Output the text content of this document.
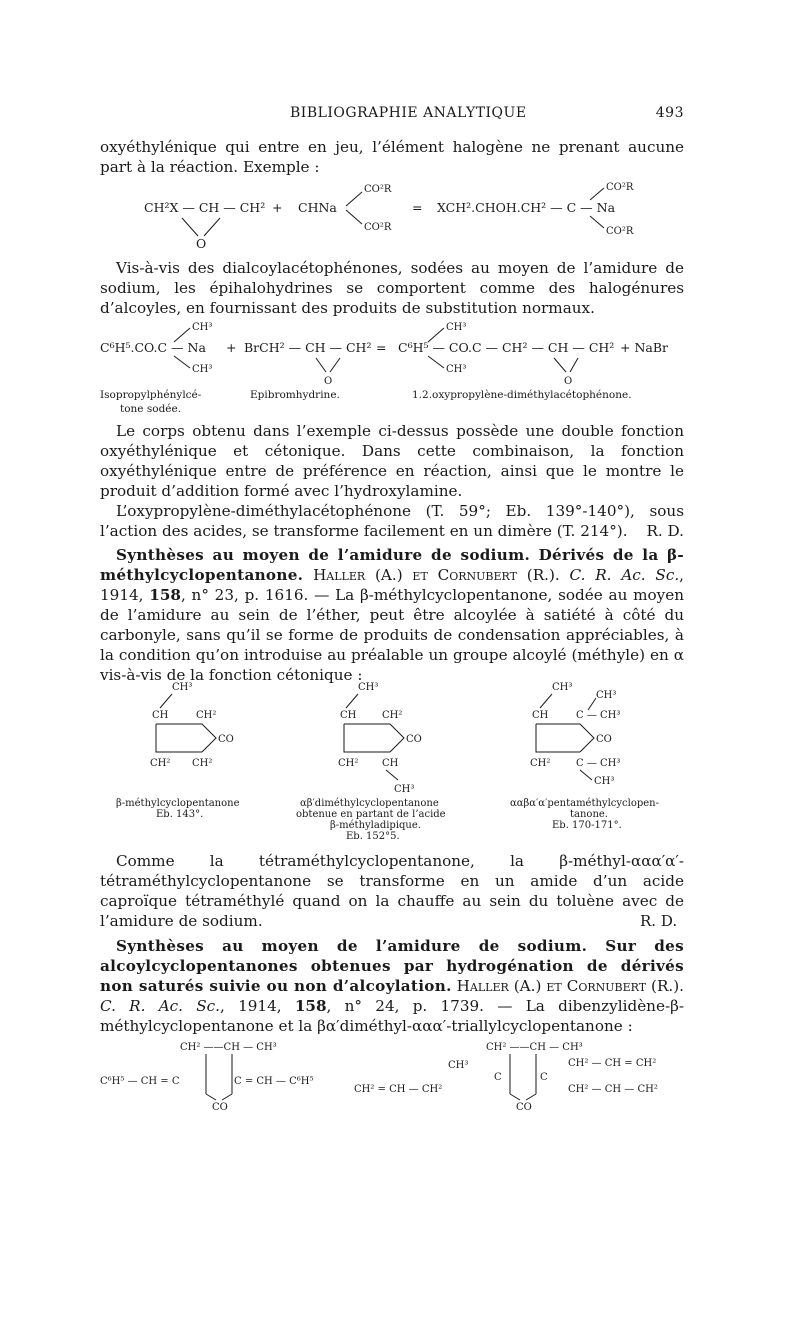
BIBLIOGRAPHIE ANALYTIQUE	493

oxyéthylénique qui entre en jeu, l’élément halogène ne prenant aucune part à la réaction. Exemple :

CH²X — CH — CH²
O
+ CHNa
CO²R
CO²R
= XCH².CHOH.CH² — C — Na
CO²R
CO²R

Vis-à-vis des dialcoylacétophénones, sodées au moyen de l’amidure de sodium, les épihalohydrines se comportent comme des halogénures d’alcoyles, en fournissant des produits de substitution normaux.

CH³
C⁶H⁵.CO.C — Na
CH³
+ BrCH² — CH — CH²
O
=
CH³
C⁶H⁵ — CO.C — CH² — CH — CH²
CH³
O
+ NaBr
Isopropylphénylcé-
tone sodée.
Epibromhydrine.	1.2.oxypropylène-diméthylacétophénone.

Le corps obtenu dans l’exemple ci-dessus possède une double fonction oxyéthylénique et cétonique. Dans cette combinaison, la fonction oxyéthylénique entre de préférence en réaction, ainsi que le montre le produit d’addition formé avec l’hydroxylamine.

L’oxypropylène-diméthylacétophénone (T. 59°; Eb. 139°-140°), sous l’action des acides, se transforme facilement en un dimère (T. 214°).	R. D.

Synthèses au moyen de l’amidure de sodium. Dérivés de la β-méthylcyclopentanone. Haller (A.) et Cornubert (R.). C. R. Ac. Sc., 1914, 158, n° 23, p. 1616. — La β-méthylcyclopentanone, sodée au moyen de l’amidure au sein de l’éther, peut être alcoylée à satiété à côté du carbonyle, sans qu’il se forme de produits de condensation appréciables, à la condition qu’on introduise au préalable un groupe alcoylé (méthyle) en α vis-à-vis de la fonction cétonique :

CH³
CH	CH²
CO
CH² CH²
β-méthylcyclopentanone
Eb. 143°.
CH³
CH	CH²
CO
CH² CH
CH³
αβ′diméthylcyclopentanone
obtenue en partant de l’acide
β-méthyladipique.
Eb. 152°5.
CH³
CH³
CH	C — CH³
CO
CH²	C — CH³
CH³
ααβα′α′pentaméthylcyclopen-
tanone.
Eb. 170-171°.

Comme la tétraméthylcyclopentanone, la β-méthyl-ααα′α′-tétraméthylcyclopentanone se transforme en un amide d’un acide caproïque tétraméthylé quand on la chauffe au sein du toluène avec de l’amidure de sodium.	R. D.

Synthèses au moyen de l’amidure de sodium. Sur des alcoylcyclopentanones obtenues par hydrogénation de dérivés non saturés suivie ou non d’alcoylation. Haller (A.) et Cornubert (R.). C. R. Ac. Sc., 1914, 158, n° 24, p. 1739. — La dibenzylidène-β-méthylcyclopentanone et la βα′diméthyl-ααα′-triallylcyclopentanone :

CH² ——CH — CH³
C⁶H⁵ — CH = C	C = CH — C⁶H⁵
CO
CH² ——CH — CH³
CH³
CH² = CH — CH²
C	C
CH² — CH = CH²
CH² — CH — CH²
CO
